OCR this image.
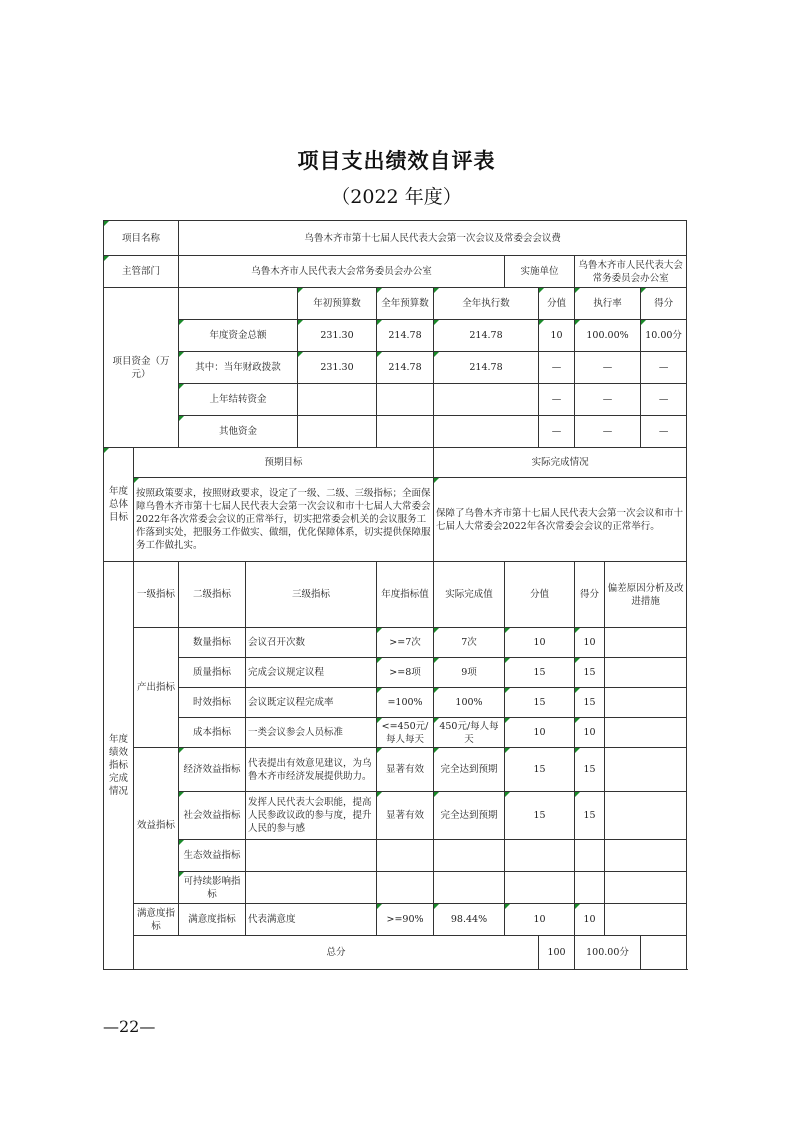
项目支出绩效自评表
（2022 年度）
项目名称		乌鲁木齐市第十七届人民代表大会第一次会议及常委会会议费									
主管部门		乌鲁木齐市人民代表大会常务委员会办公室					实施单位		乌鲁木齐市人民代表大会常务委员会办公室		
项目资金（万元）				年初预算数	全年预算数	全年执行数		分值	执行率		得分
		年度资金总额		231.30	214.78	214.78		10	100.00%		10.00分
		其中：当年财政拨款		231.30	214.78	214.78		—	—		—
		上年结转资金						—	—		—
		其他资金						—	—		—
年度总体目标	预期目标					实际完成情况					
	按照政策要求，按照财政要求，设定了一级、二级、三级指标；全面保障乌鲁木齐市第十七届人民代表大会第一次会议和市十七届人大常委会2022年各次常委会会议的正常举行，切实把常委会机关的会议服务工作落到实处，把服务工作做实、做细，优化保障体系，切实提供保障服务工作做扎实。					保障了乌鲁木齐市第十七届人民代表大会第一次会议和市十七届人大常委会2022年各次常委会会议的正常举行。					
年度绩效指标完成情况	一级指标	二级指标	三级指标		年度指标值	实际完成值	分值		得分	偏差原因分析及改进措施	
	产出指标	数量指标	会议召开次数		>=7次	7次	10		10		
		质量指标	完成会议规定议程		>=8项	9项	15		15		
		时效指标	会议既定议程完成率		=100%	100%	15		15		
		成本指标	一类会议参会人员标准		<=450元/每人每天	450元/每人每天	10		10		
	效益指标	经济效益指标	代表提出有效意见建议，为乌鲁木齐市经济发展提供助力。		显著有效	完全达到预期	15		15		
		社会效益指标	发挥人民代表大会职能，提高人民参政议政的参与度，提升人民的参与感		显著有效	完全达到预期	15		15		
		生态效益指标									
		可持续影响指标									
	满意度指标	满意度指标	代表满意度		>=90%	98.44%	10		10		
	总分							100	100.00分		
—22—
